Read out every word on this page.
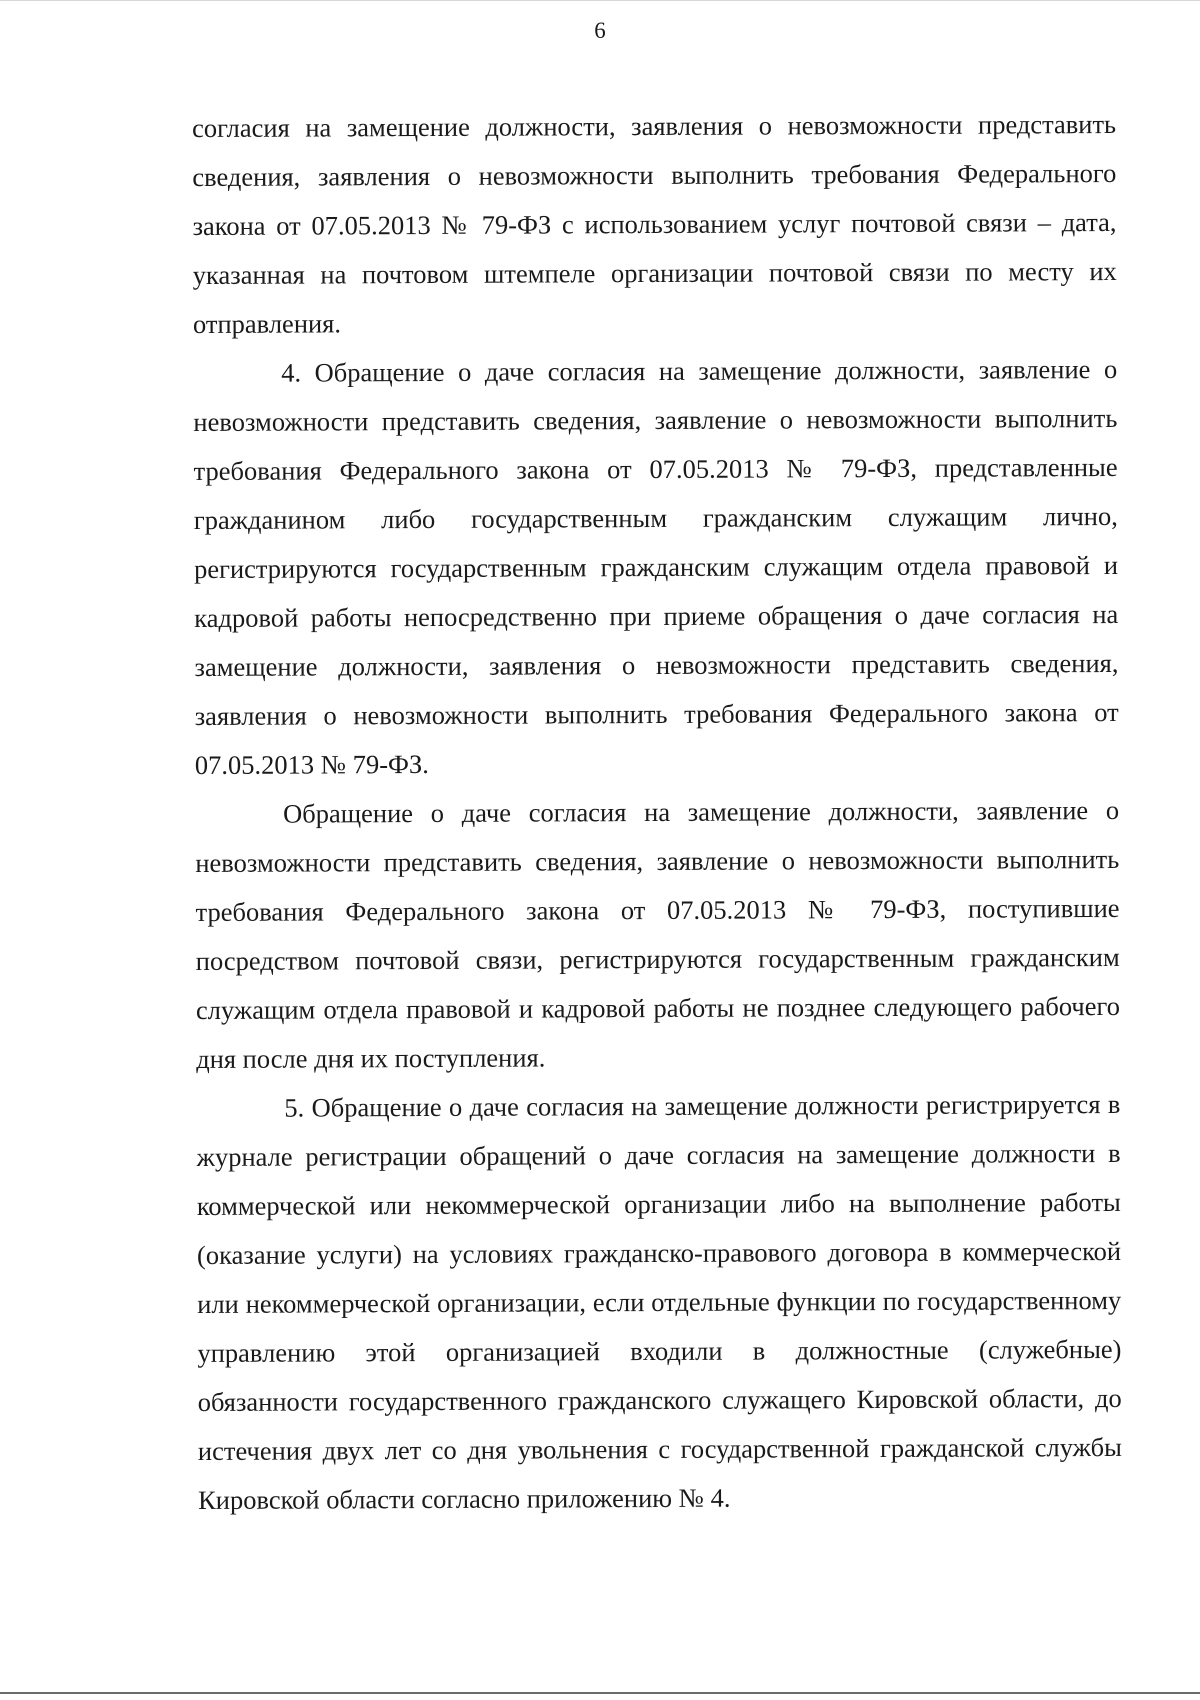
6

согласия на замещение должности, заявления о невозможности представить сведения, заявления о невозможности выполнить требования Федерального закона от 07.05.2013 № 79-ФЗ с использованием услуг почтовой связи – дата, указанная на почтовом штемпеле организации почтовой связи по месту их отправления.

4. Обращение о даче согласия на замещение должности, заявление о невозможности представить сведения, заявление о невозможности выполнить требования Федерального закона от 07.05.2013 № 79-ФЗ, представленные гражданином либо государственным гражданским служащим лично, регистрируются государственным гражданским служащим отдела правовой и кадровой работы непосредственно при приеме обращения о даче согласия на замещение должности, заявления о невозможности представить сведения, заявления о невозможности выполнить требования Федерального закона от 07.05.2013 № 79-ФЗ.

Обращение о даче согласия на замещение должности, заявление о невозможности представить сведения, заявление о невозможности выполнить требования Федерального закона от 07.05.2013 № 79-ФЗ, поступившие посредством почтовой связи, регистрируются государственным гражданским служащим отдела правовой и кадровой работы не позднее следующего рабочего дня после дня их поступления.

5. Обращение о даче согласия на замещение должности регистрируется в журнале регистрации обращений о даче согласия на замещение должности в коммерческой или некоммерческой организации либо на выполнение работы (оказание услуги) на условиях гражданско-правового договора в коммерческой или некоммерческой организации, если отдельные функции по государственному управлению этой организацией входили в должностные (служебные) обязанности государственного гражданского служащего Кировской области, до истечения двух лет со дня увольнения с государственной гражданской службы Кировской области согласно приложению № 4.
